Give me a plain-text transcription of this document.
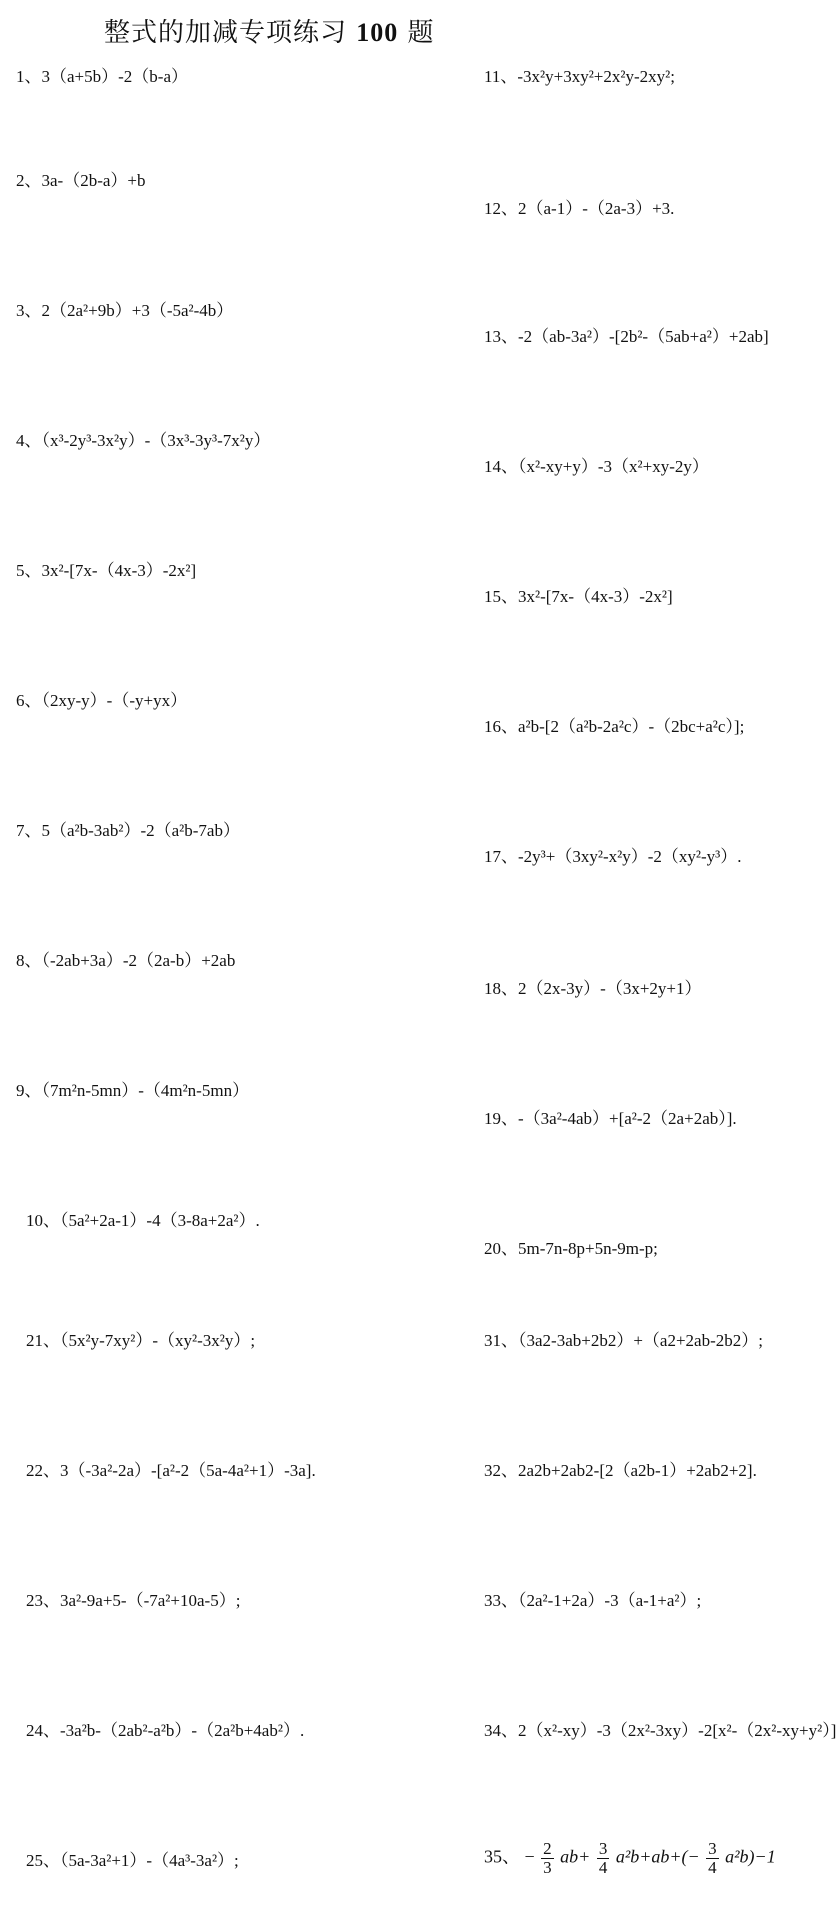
整式的加减专项练习 100 题
1、3（a+5b）-2（b-a）
2、3a-（2b-a）+b
3、2（2a²+9b）+3（-5a²-4b）
4、（x³-2y³-3x²y）-（3x³-3y³-7x²y）
5、3x²-[7x-（4x-3）-2x²]
6、（2xy-y）-（-y+yx）
7、5（a²b-3ab²）-2（a²b-7ab）
8、（-2ab+3a）-2（2a-b）+2ab
9、（7m²n-5mn）-（4m²n-5mn）
10、（5a²+2a-1）-4（3-8a+2a²）.
11、-3x²y+3xy²+2x²y-2xy²;
12、2（a-1）-（2a-3）+3.
13、-2（ab-3a²）-[2b²-（5ab+a²）+2ab]
14、（x²-xy+y）-3（x²+xy-2y）
15、3x²-[7x-（4x-3）-2x²]
16、a²b-[2（a²b-2a²c）-（2bc+a²c）];
17、-2y³+（3xy²-x²y）-2（xy²-y³）.
18、2（2x-3y）-（3x+2y+1）
19、-（3a²-4ab）+[a²-2（2a+2ab）].
20、5m-7n-8p+5n-9m-p;
21、（5x²y-7xy²）-（xy²-3x²y）;
22、3（-3a²-2a）-[a²-2（5a-4a²+1）-3a].
23、3a²-9a+5-（-7a²+10a-5）;
24、-3a²b-（2ab²-a²b）-（2a²b+4ab²）.
25、（5a-3a²+1）-（4a³-3a²）;
31、（3a2-3ab+2b2）+（a2+2ab-2b2）;
32、2a2b+2ab2-[2（a2b-1）+2ab2+2].
33、（2a²-1+2a）-3（a-1+a²）;
34、2（x²-xy）-3（2x²-3xy）-2[x²-（2x²-xy+y²）]
35、 − $\frac{2}{3} ab+ \frac{3}{4} a^2b+ab+(- \frac{3}{4} a^2b)-1$
